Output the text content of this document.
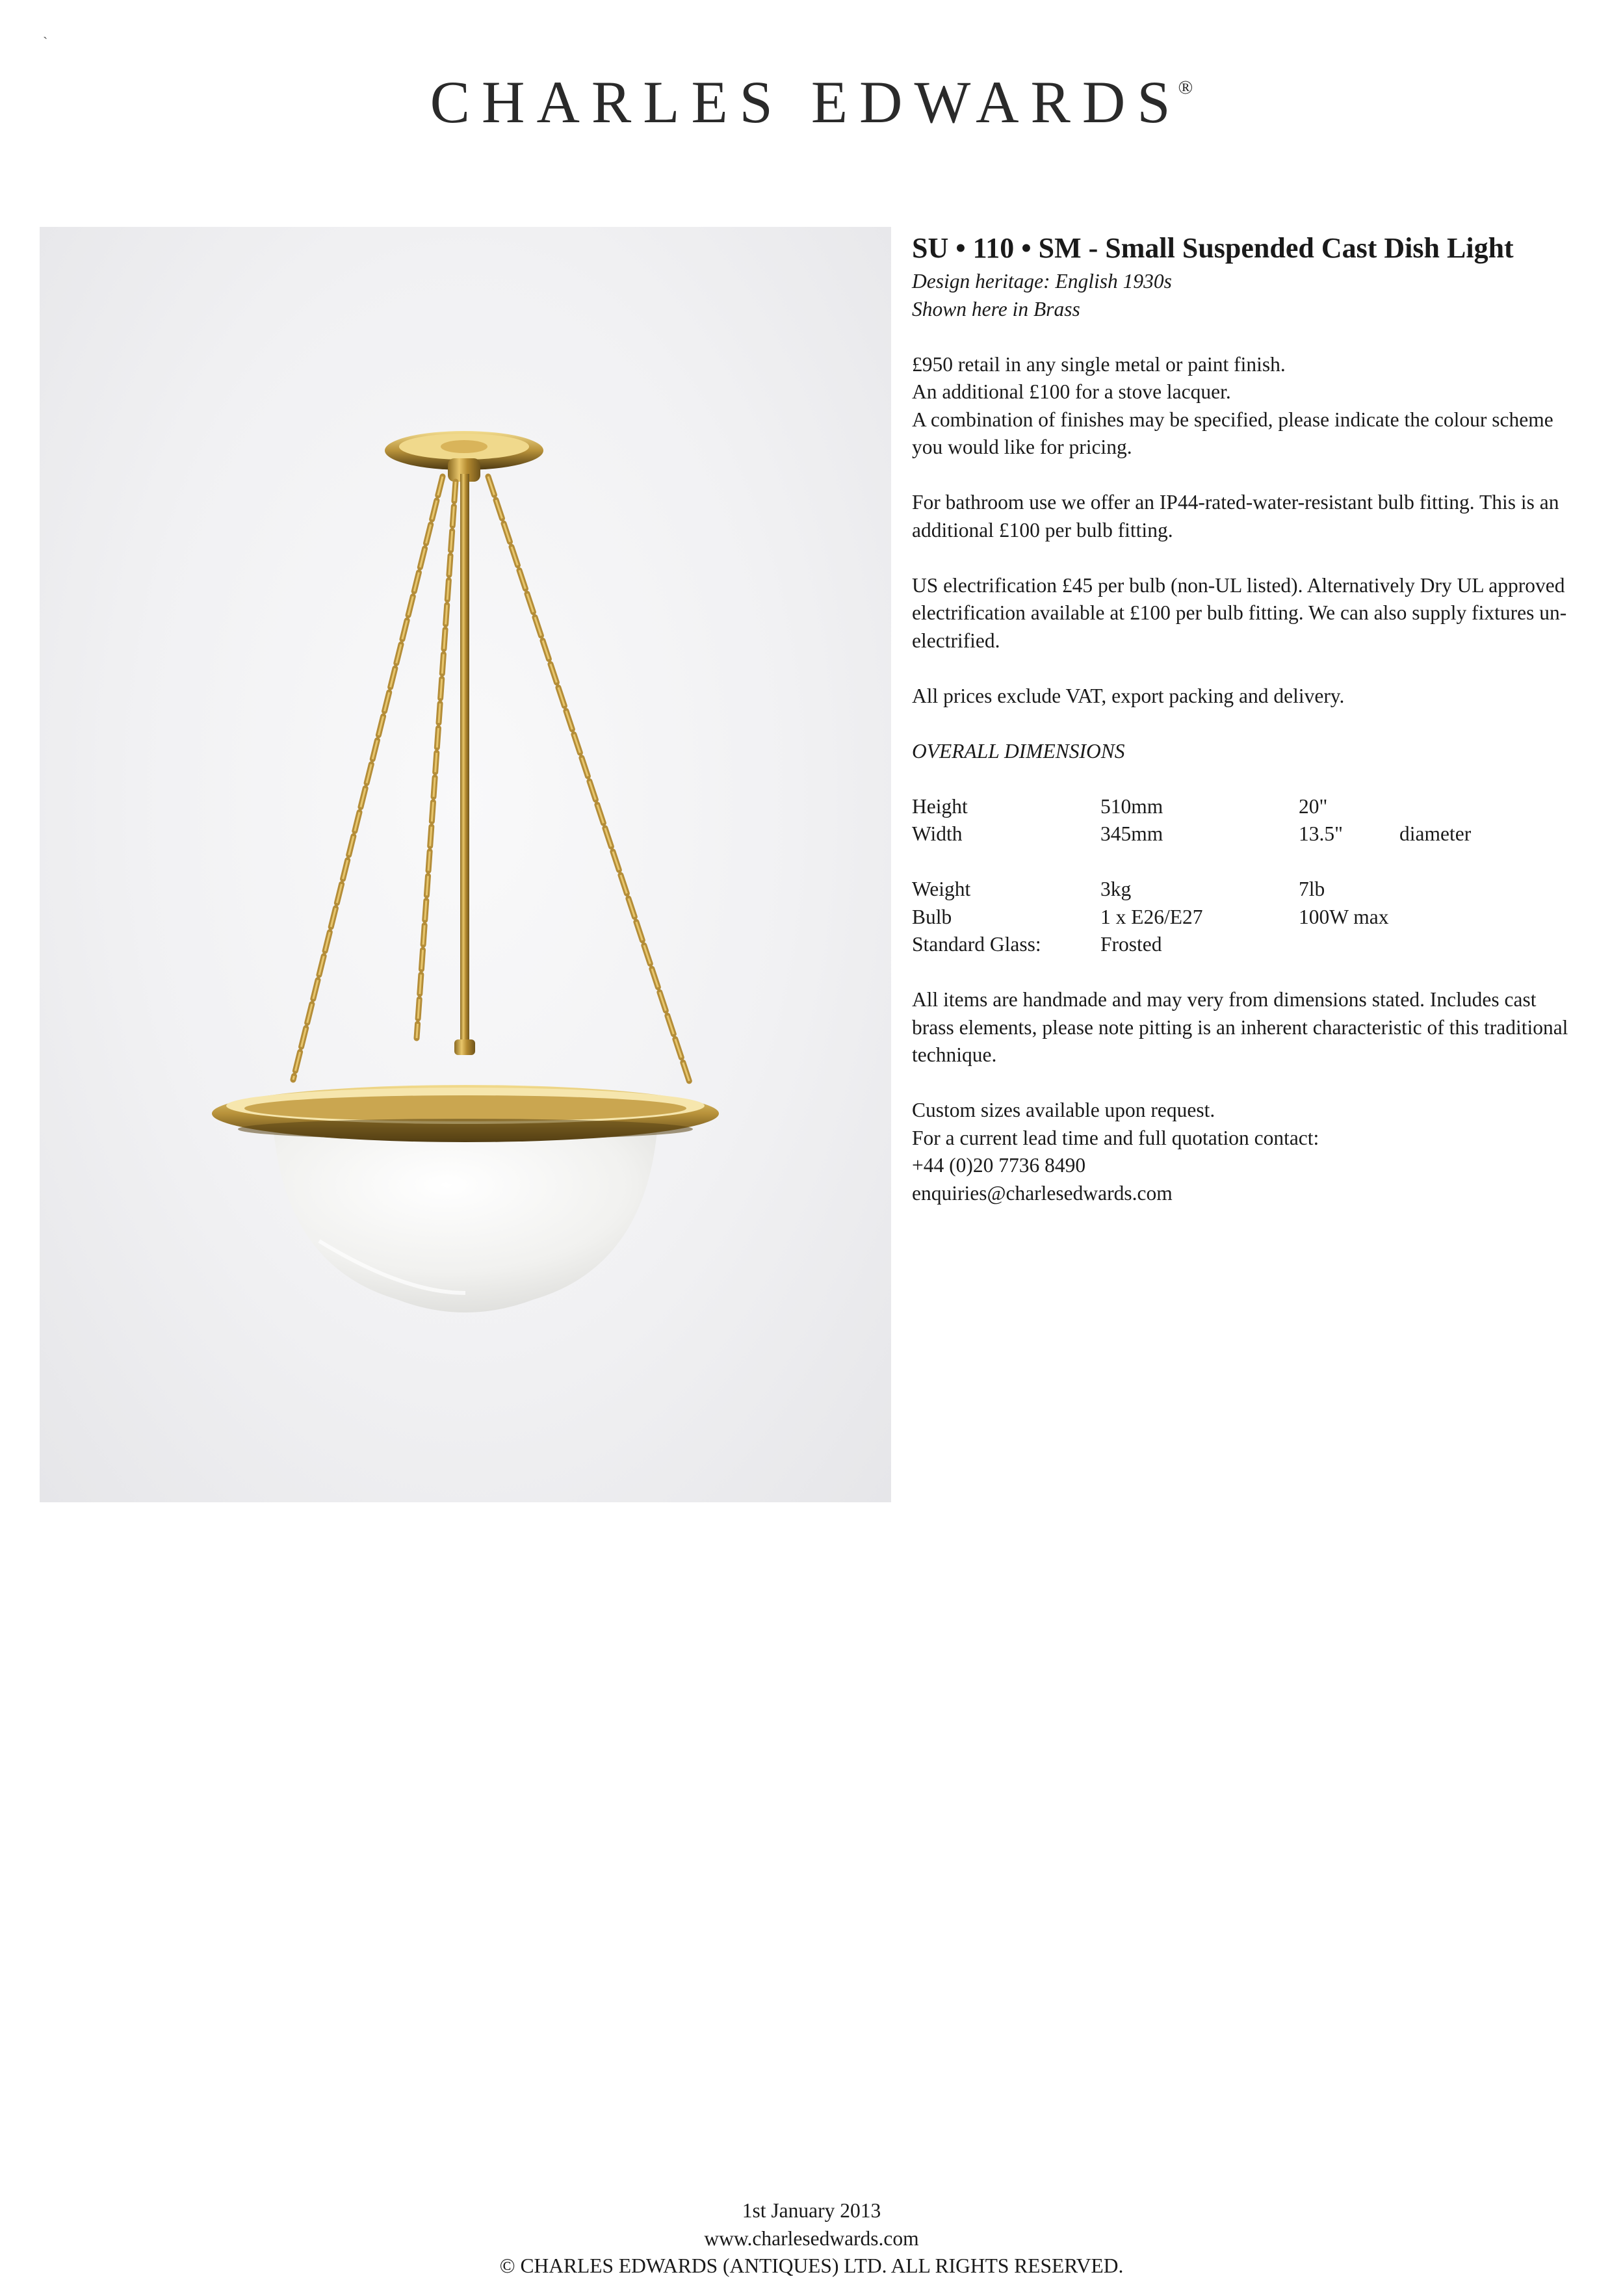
`
CHARLES EDWARDS®

SU • 110 • SM - Small Suspended Cast Dish Light

Design heritage: English 1930s

Shown here in Brass

£950 retail in any single metal or paint finish.

An additional £100 for a stove lacquer.

A combination of finishes may be specified, please indicate the colour scheme you would like for pricing.

For bathroom use we offer an IP44-rated-water-resistant bulb fitting. This is an additional £100 per bulb fitting.

US electrification £45 per bulb (non-UL listed). Alternatively Dry UL approved electrification available at £100 per bulb fitting. We can also supply fixtures un-electrified.

All prices exclude VAT, export packing and delivery.

OVERALL DIMENSIONS

Height	510mm	20"
Width	345mm	13.5"	diameter
Weight	3kg	7lb
Bulb	1 x E26/E27	100W max
Standard Glass:	Frosted

All items are handmade and may very from dimensions stated. Includes cast brass elements, please note pitting is an inherent characteristic of this traditional technique.

Custom sizes available upon request.

For a current lead time and full quotation contact:

+44 (0)20 7736 8490

enquiries@charlesedwards.com

1st January 2013
www.charlesedwards.com
© CHARLES EDWARDS (ANTIQUES) LTD. ALL RIGHTS RESERVED.
